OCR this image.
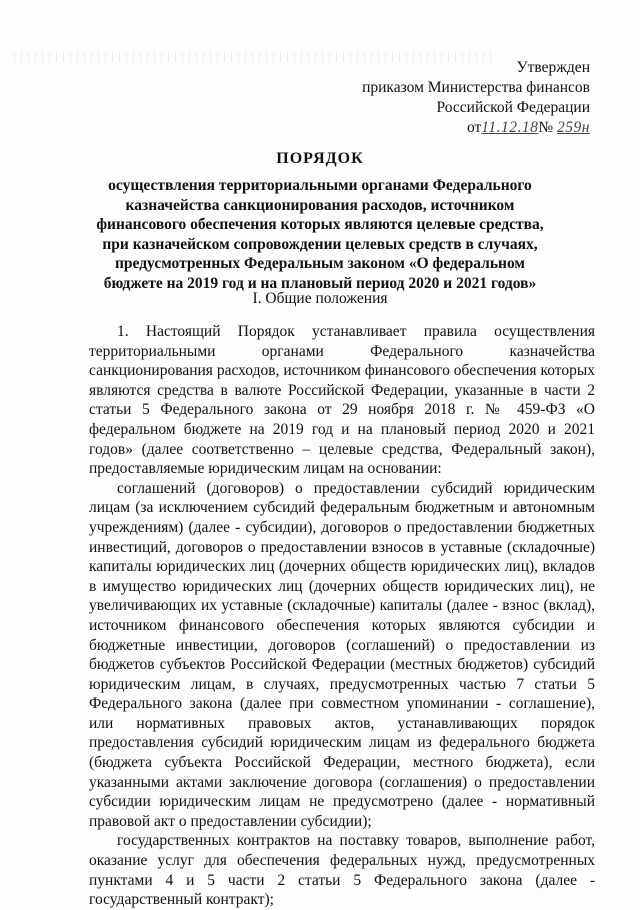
Утвержден
приказом Министерства финансов
Российской Федерации
от11.12.18№ 259н
ПОРЯДОК
осуществления территориальными органами Федерального казначейства санкционирования расходов, источником финансового обеспечения которых являются целевые средства, при казначейском сопровождении целевых средств в случаях, предусмотренных Федеральным законом «О федеральном бюджете на 2019 год и на плановый период 2020 и 2021 годов»
I. Общие положения

1. Настоящий Порядок устанавливает правила осуществления территориальными органами Федерального казначейства санкционирования расходов, источником финансового обеспечения которых являются средства в валюте Российской Федерации, указанные в части 2 статьи 5 Федерального закона от 29 ноября 2018 г. № 459-ФЗ «О федеральном бюджете на 2019 год и на плановый период 2020 и 2021 годов» (далее соответственно – целевые средства, Федеральный закон), предоставляемые юридическим лицам на основании:

соглашений (договоров) о предоставлении субсидий юридическим лицам (за исключением субсидий федеральным бюджетным и автономным учреждениям) (далее - субсидии), договоров о предоставлении бюджетных инвестиций, договоров о предоставлении взносов в уставные (складочные) капиталы юридических лиц (дочерних обществ юридических лиц), вкладов в имущество юридических лиц (дочерних обществ юридических лиц), не увеличивающих их уставные (складочные) капиталы (далее - взнос (вклад), источником финансового обеспечения которых являются субсидии и бюджетные инвестиции, договоров (соглашений) о предоставлении из бюджетов субъектов Российской Федерации (местных бюджетов) субсидий юридическим лицам, в случаях, предусмотренных частью 7 статьи 5 Федерального закона (далее при совместном упоминании - соглашение), или нормативных правовых актов, устанавливающих порядок предоставления субсидий юридическим лицам из федерального бюджета (бюджета субъекта Российской Федерации, местного бюджета), если указанными актами заключение договора (соглашения) о предоставлении субсидии юридическим лицам не предусмотрено (далее - нормативный правовой акт о предоставлении субсидии);

государственных контрактов на поставку товаров, выполнение работ, оказание услуг для обеспечения федеральных нужд, предусмотренных пунктами 4 и 5 части 2 статьи 5 Федерального закона (далее - государственный контракт);
